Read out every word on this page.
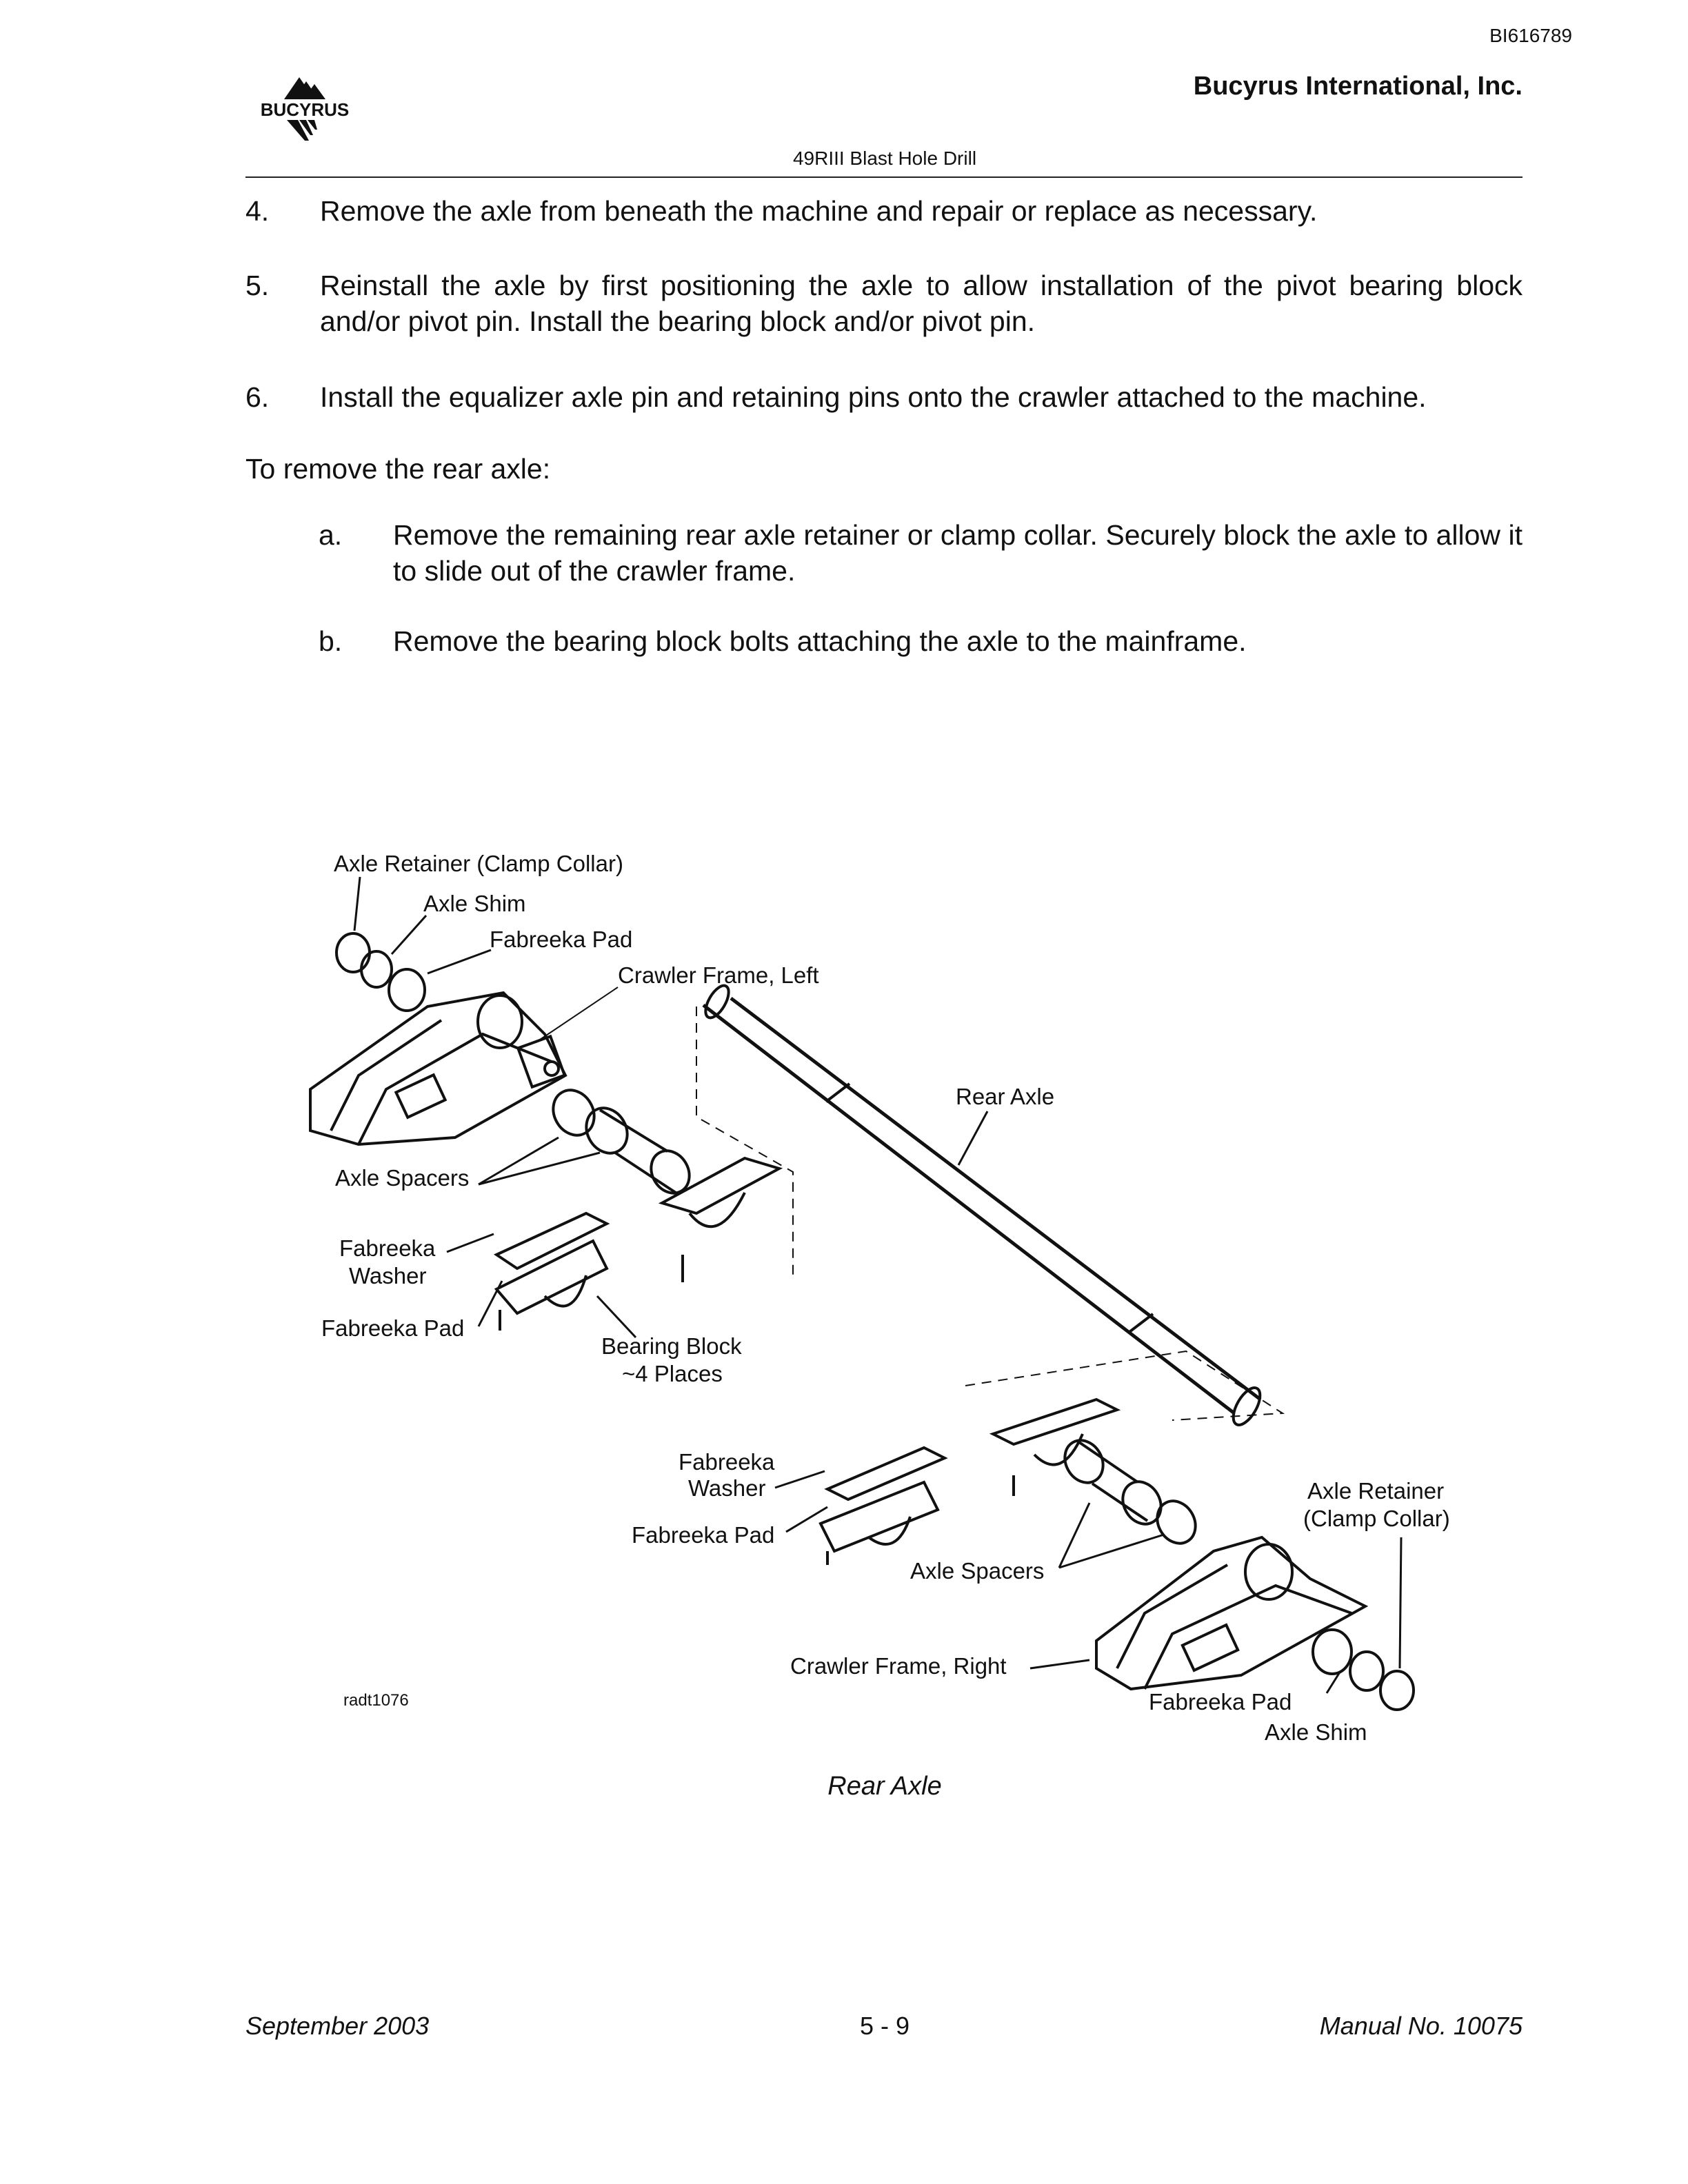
BI616789
Bucyrus International, Inc.
BUCYRUS
49RIII Blast Hole Drill
4. Remove the axle from beneath the machine and repair or replace as necessary.
5. Reinstall the axle by first positioning the axle to allow installation of the pivot bearing block and/or pivot pin. Install the bearing block and/or pivot pin.
6. Install the equalizer axle pin and retaining pins onto the crawler attached to the machine.
To remove the rear axle:
a. Remove the remaining rear axle retainer or clamp collar. Securely block the axle to allow it to slide out of the crawler frame.
b. Remove the bearing block bolts attaching the axle to the mainframe.
Axle Retainer (Clamp Collar)
Axle Shim
Fabreeka Pad
Crawler Frame, Left
Rear Axle
Axle Spacers
Fabreeka
Washer
Fabreeka Pad
Bearing Block
~4 Places
Fabreeka
Washer
Fabreeka Pad
Axle Spacers
Axle Retainer
(Clamp Collar)
Crawler Frame, Right
Fabreeka Pad
Axle Shim
radt1076
Rear Axle
September 2003	5 - 9	Manual No. 10075
